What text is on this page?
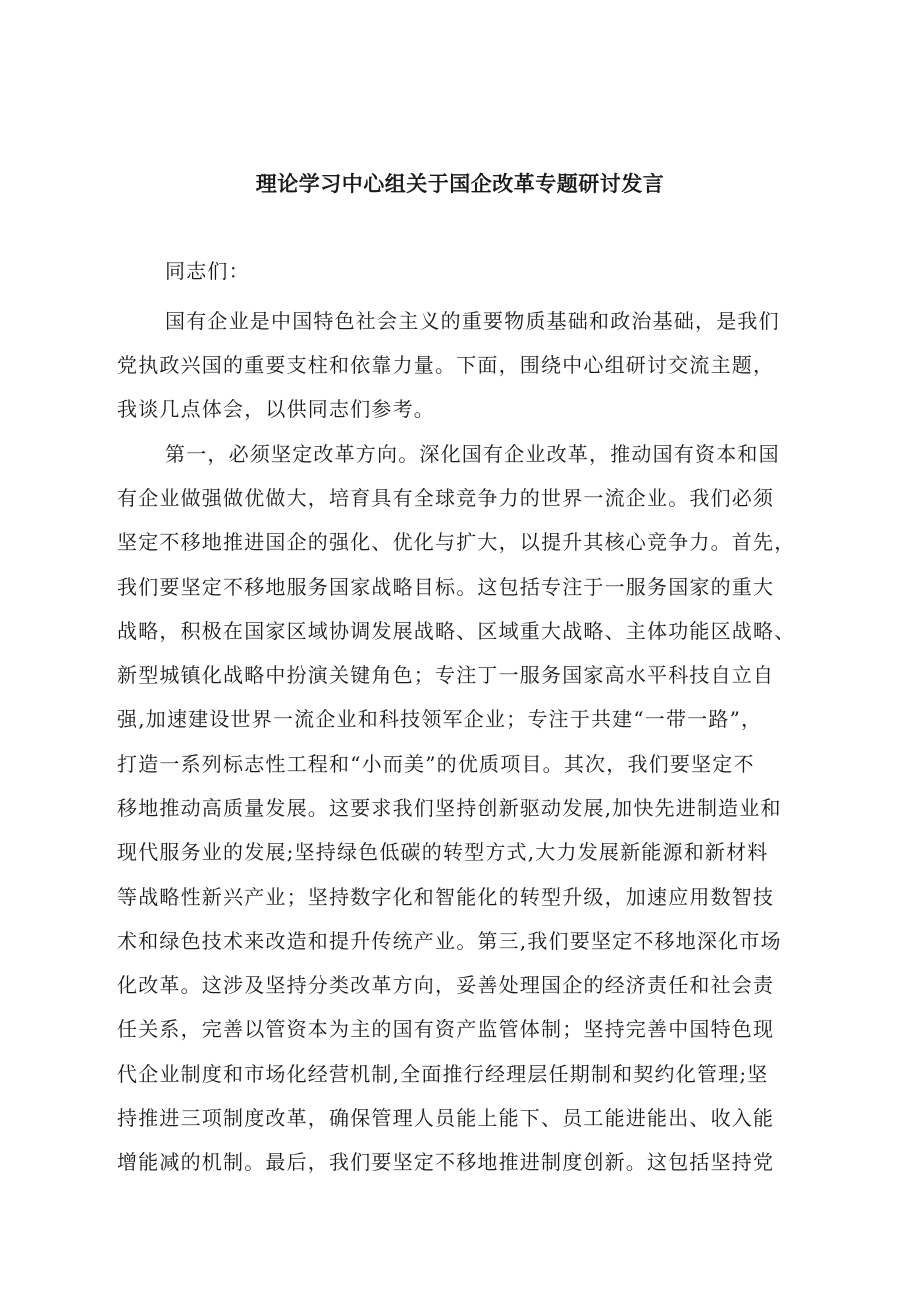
理论学习中心组关于国企改革专题研讨发言

同志们：

国有企业是中国特色社会主义的重要物质基础和政治基础，是我们

党执政兴国的重要支柱和依靠力量。下面，围绕中心组研讨交流主题，

我谈几点体会，以供同志们参考。

第一，必须坚定改革方向。深化国有企业改革，推动国有资本和国

有企业做强做优做大，培育具有全球竞争力的世界一流企业。我们必须

坚定不移地推进国企的强化、优化与扩大，以提升其核心竞争力。首先，

我们要坚定不移地服务国家战略目标。这包括专注于一服务国家的重大

战略，积极在国家区域协调发展战略、区域重大战略、主体功能区战略、

新型城镇化战略中扮演关键角色；专注丁一服务国家高水平科技自立自

强,加速建设世界一流企业和科技领军企业；专注于共建“一带一路”，

打造一系列标志性工程和“小而美”的优质项目。其次，我们要坚定不

移地推动高质量发展。这要求我们坚持创新驱动发展,加快先进制造业和

现代服务业的发展;坚持绿色低碳的转型方式,大力发展新能源和新材料

等战略性新兴产业；坚持数字化和智能化的转型升级，加速应用数智技

术和绿色技术来改造和提升传统产业。第三,我们要坚定不移地深化市场

化改革。这涉及坚持分类改革方向，妥善处理国企的经济责任和社会责

任关系，完善以管资本为主的国有资产监管体制；坚持完善中国特色现

代企业制度和市场化经营机制,全面推行经理层任期制和契约化管理;坚

持推进三项制度改革，确保管理人员能上能下、员工能进能出、收入能

增能减的机制。最后，我们要坚定不移地推进制度创新。这包括坚持党
